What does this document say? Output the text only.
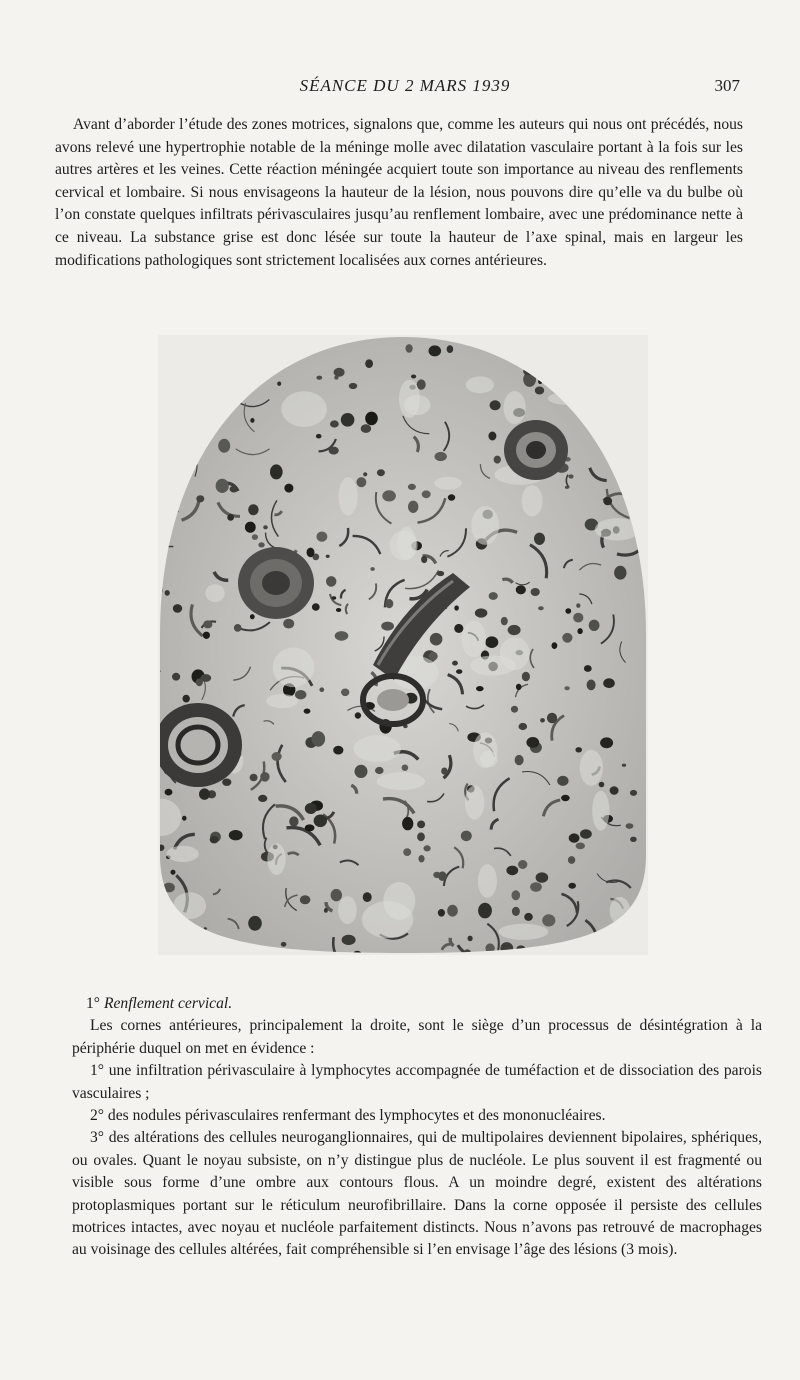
SÉANCE DU 2 MARS 1939	307

Avant d’aborder l’étude des zones motrices, signalons que, comme les auteurs qui nous ont précédés, nous avons relevé une hypertrophie notable de la méninge molle avec dilatation vasculaire portant à la fois sur les autres artères et les veines. Cette réaction méningée acquiert toute son importance au niveau des renflements cervical et lombaire. Si nous envisageons la hauteur de la lésion, nous pouvons dire qu’elle va du bulbe où l’on constate quelques infiltrats périvasculaires jusqu’au renflement lombaire, avec une prédominance nette à ce niveau. La substance grise est donc lésée sur toute la hauteur de l’axe spinal, mais en largeur les modifications pathologiques sont strictement localisées aux cornes antérieures.

1° Renflement cervical.

Les cornes antérieures, principalement la droite, sont le siège d’un processus de désintégration à la périphérie duquel on met en évidence :

1° une infiltration périvasculaire à lymphocytes accompagnée de tuméfaction et de dissociation des parois vasculaires ;

2° des nodules périvasculaires renfermant des lymphocytes et des mononucléaires.

3° des altérations des cellules neuroganglionnaires, qui de multipolaires deviennent bipolaires, sphériques, ou ovales. Quant le noyau subsiste, on n’y distingue plus de nucléole. Le plus souvent il est fragmenté ou visible sous forme d’une ombre aux contours flous. A un moindre degré, existent des altérations protoplasmiques portant sur le réticulum neurofibrillaire. Dans la corne opposée il persiste des cellules motrices intactes, avec noyau et nucléole parfaitement distincts. Nous n’avons pas retrouvé de macrophages au voisinage des cellules altérées, fait compréhensible si l’en envisage l’âge des lésions (3 mois).
